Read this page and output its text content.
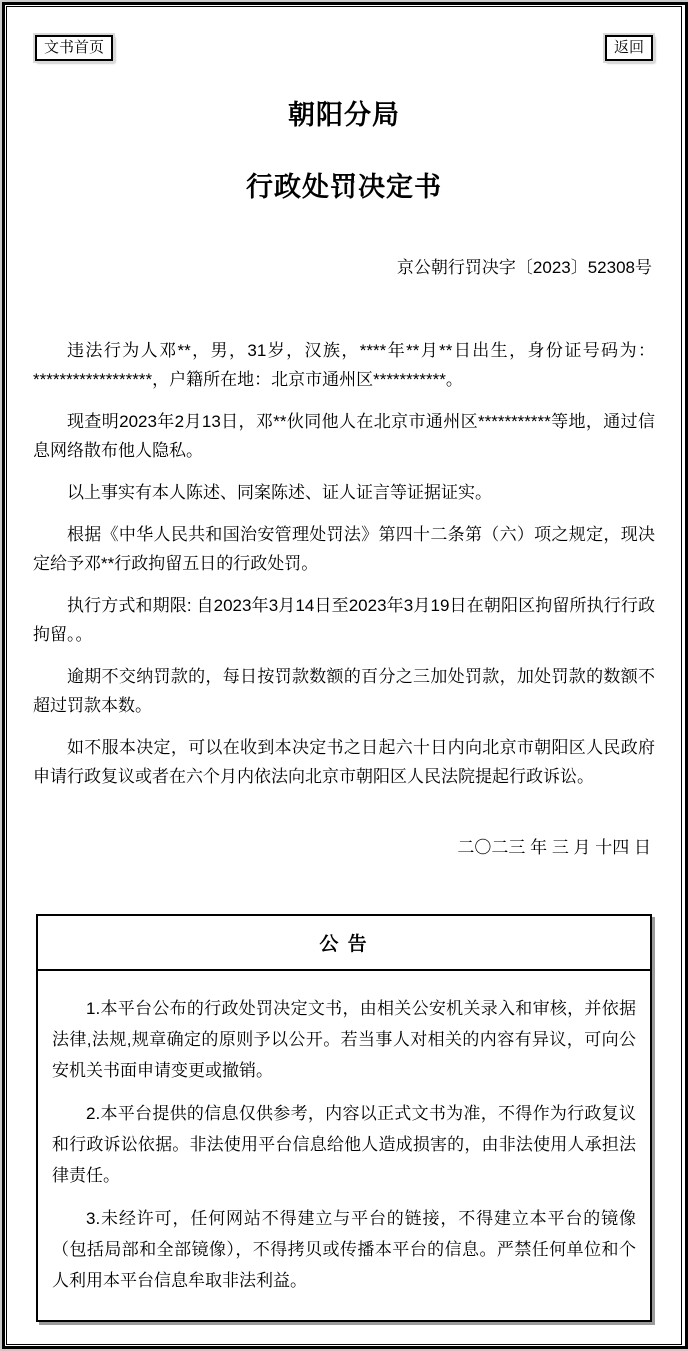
文书首页	返回
朝阳分局
行政处罚决定书
京公朝行罚决字〔2023〕52308号

违法行为人邓**，男，31岁，汉族，****年**月**日出生，身份证号码为：******************，户籍所在地：北京市通州区***********。

现查明2023年2月13日，邓**伙同他人在北京市通州区***********等地，通过信息网络散布他人隐私。

以上事实有本人陈述、同案陈述、证人证言等证据证实。

根据《中华人民共和国治安管理处罚法》第四十二条第（六）项之规定，现决定给予邓**行政拘留五日的行政处罚。

执行方式和期限: 自2023年3月14日至2023年3月19日在朝阳区拘留所执行行政拘留。。

逾期不交纳罚款的，每日按罚款数额的百分之三加处罚款，加处罚款的数额不超过罚款本数。

如不服本决定，可以在收到本决定书之日起六十日内向北京市朝阳区人民政府申请行政复议或者在六个月内依法向北京市朝阳区人民法院提起行政诉讼。

二〇二三 年 三 月 十四 日
公 告

1.本平台公布的行政处罚决定文书，由相关公安机关录入和审核，并依据法律,法规,规章确定的原则予以公开。若当事人对相关的内容有异议，可向公安机关书面申请变更或撤销。

2.本平台提供的信息仅供参考，内容以正式文书为准，不得作为行政复议和行政诉讼依据。非法使用平台信息给他人造成损害的，由非法使用人承担法律责任。

3.未经许可，任何网站不得建立与平台的链接，不得建立本平台的镜像（包括局部和全部镜像），不得拷贝或传播本平台的信息。严禁任何单位和个人利用本平台信息牟取非法利益。
